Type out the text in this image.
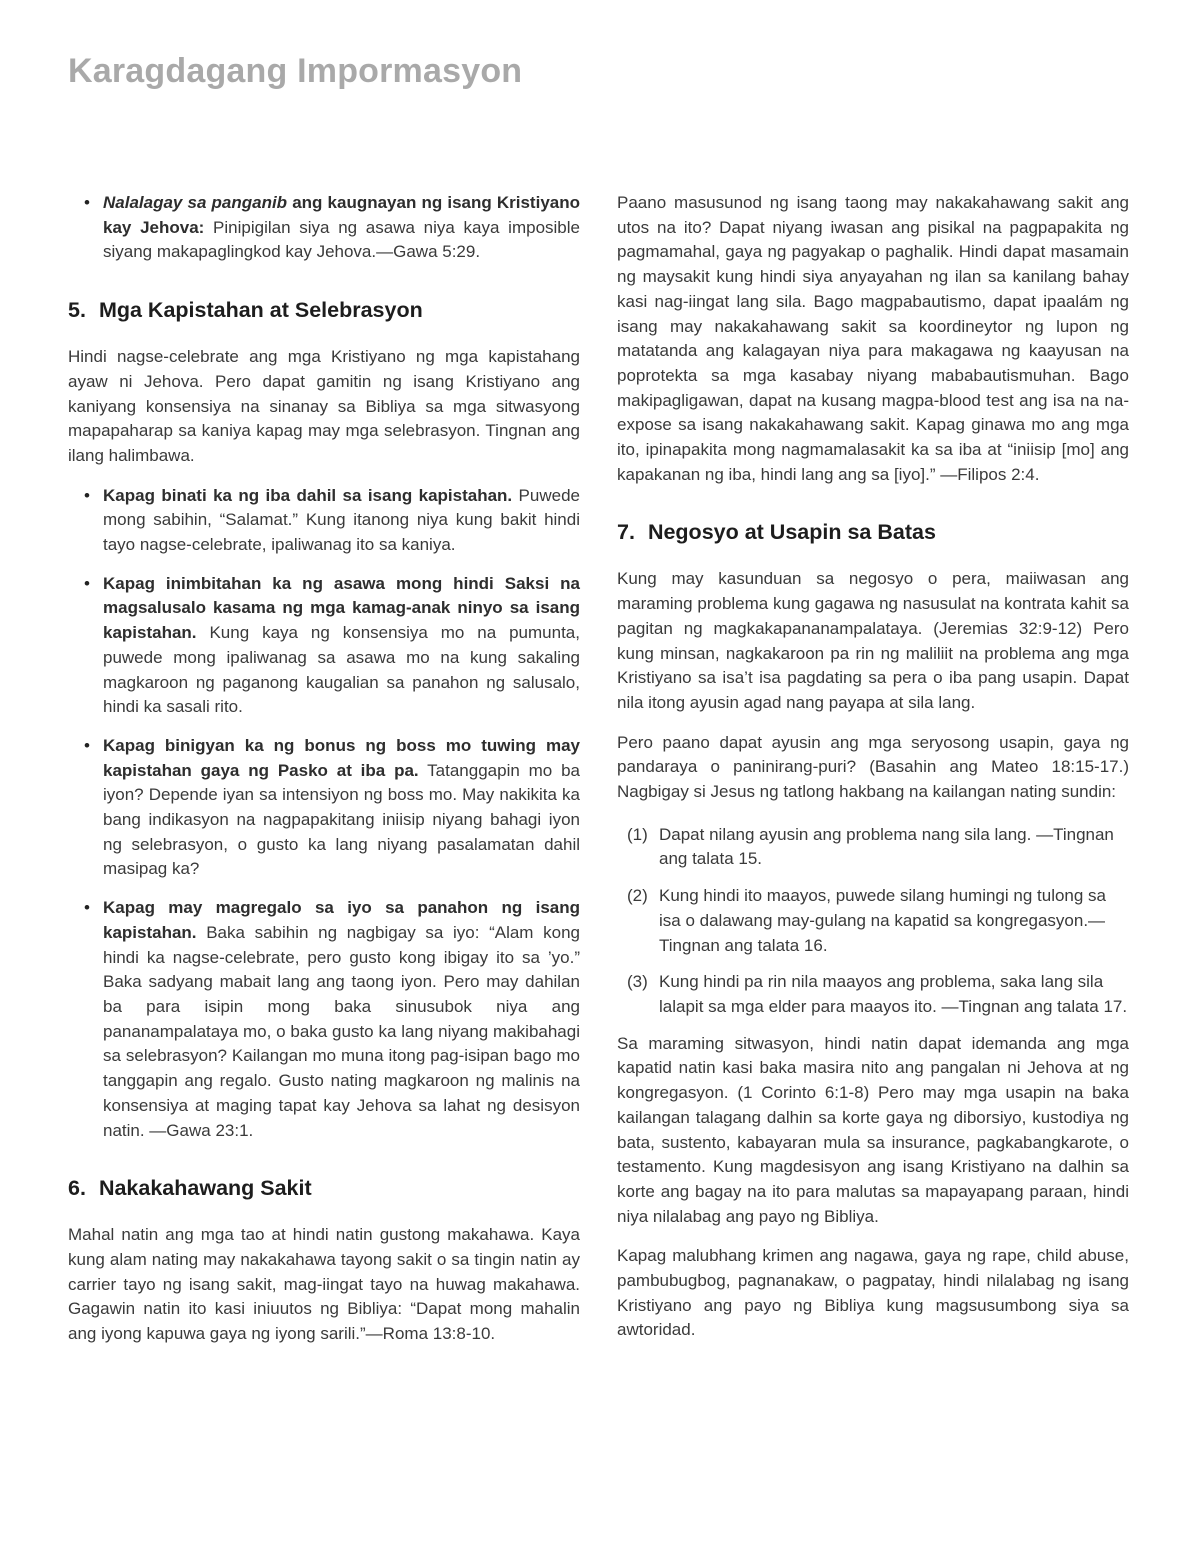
Karagdagang Impormasyon
• Nalalagay sa panganib ang kaugnayan ng isang Kristiyano kay Jehova: Pinipigilan siya ng asawa niya kaya imposible siyang makapaglingkod kay Jehova.—Gawa 5:29.
5. Mga Kapistahan at Selebrasyon

Hindi nagse-celebrate ang mga Kristiyano ng mga kapistahang ayaw ni Jehova. Pero dapat gamitin ng isang Kristiyano ang kaniyang konsensiya na sinanay sa Bibliya sa mga sitwasyong mapapaharap sa kaniya kapag may mga selebrasyon. Tingnan ang ilang halimbawa.

• Kapag binati ka ng iba dahil sa isang kapistahan. Puwede mong sabihin, “Salamat.” Kung itanong niya kung bakit hindi tayo nagse-celebrate, ipaliwanag ito sa kaniya.
• Kapag inimbitahan ka ng asawa mong hindi Saksi na magsalusalo kasama ng mga kamag-anak ninyo sa isang kapistahan. Kung kaya ng konsensiya mo na pumunta, puwede mong ipaliwanag sa asawa mo na kung sakaling magkaroon ng paganong kaugalian sa panahon ng salusalo, hindi ka sasali rito.
• Kapag binigyan ka ng bonus ng boss mo tuwing may kapistahan gaya ng Pasko at iba pa. Tatanggapin mo ba iyon? Depende iyan sa intensiyon ng boss mo. May nakikita ka bang indikasyon na nagpapakitang iniisip niyang bahagi iyon ng selebrasyon, o gusto ka lang niyang pasalamatan dahil masipag ka?
• Kapag may magregalo sa iyo sa panahon ng isang kapistahan. Baka sabihin ng nagbigay sa iyo: “Alam kong hindi ka nagse-celebrate, pero gusto kong ibigay ito sa ’yo.” Baka sadyang mabait lang ang taong iyon. Pero may dahilan ba para isipin mong baka sinusubok niya ang pananampalataya mo, o baka gusto ka lang niyang makibahagi sa selebrasyon? Kailangan mo muna itong pag-isipan bago mo tanggapin ang regalo. Gusto nating magkaroon ng malinis na konsensiya at maging tapat kay Jehova sa lahat ng desisyon natin. —Gawa 23:1.
6. Nakakahawang Sakit

Mahal natin ang mga tao at hindi natin gustong makahawa. Kaya kung alam nating may nakakahawa tayong sakit o sa tingin natin ay carrier tayo ng isang sakit, mag-iingat tayo na huwag makahawa. Gagawin natin ito kasi iniuutos ng Bibliya: “Dapat mong mahalin ang iyong kapuwa gaya ng iyong sarili.”—Roma 13:8-10.

Paano masusunod ng isang taong may nakakahawang sakit ang utos na ito? Dapat niyang iwasan ang pisikal na pagpapakita ng pagmamahal, gaya ng pagyakap o paghalik. Hindi dapat masamain ng maysakit kung hindi siya anyayahan ng ilan sa kanilang bahay kasi nag-iingat lang sila. Bago magpabautismo, dapat ipaalám ng isang may nakakahawang sakit sa koordineytor ng lupon ng matatanda ang kalagayan niya para makagawa ng kaayusan na poprotekta sa mga kasabay niyang mababautismuhan. Bago makipagligawan, dapat na kusang magpa-blood test ang isa na na-expose sa isang nakakahawang sakit. Kapag ginawa mo ang mga ito, ipinapakita mong nagmamalasakit ka sa iba at “iniisip [mo] ang kapakanan ng iba, hindi lang ang sa [iyo].” —Filipos 2:4.

7. Negosyo at Usapin sa Batas

Kung may kasunduan sa negosyo o pera, maiiwasan ang maraming problema kung gagawa ng nasusulat na kontrata kahit sa pagitan ng magkakapananampalataya. (Jeremias 32:9-12) Pero kung minsan, nagkakaroon pa rin ng maliliit na problema ang mga Kristiyano sa isa’t isa pagdating sa pera o iba pang usapin. Dapat nila itong ayusin agad nang payapa at sila lang.

Pero paano dapat ayusin ang mga seryosong usapin, gaya ng pandaraya o paninirang-puri? (Basahin ang Mateo 18:15-17.) Nagbigay si Jesus ng tatlong hakbang na kailangan nating sundin:

(1) Dapat nilang ayusin ang problema nang sila lang. —Tingnan ang talata 15.
(2) Kung hindi ito maayos, puwede silang humingi ng tulong sa isa o dalawang may-gulang na kapatid sa kongregasyon.—Tingnan ang talata 16.
(3) Kung hindi pa rin nila maayos ang problema, saka lang sila lalapit sa mga elder para maayos ito. —Tingnan ang talata 17.

Sa maraming sitwasyon, hindi natin dapat idemanda ang mga kapatid natin kasi baka masira nito ang pangalan ni Jehova at ng kongregasyon. (1 Corinto 6:1-8) Pero may mga usapin na baka kailangan talagang dalhin sa korte gaya ng diborsiyo, kustodiya ng bata, sustento, kabayaran mula sa insurance, pagkabangkarote, o testamento. Kung magdesisyon ang isang Kristiyano na dalhin sa korte ang bagay na ito para malutas sa mapayapang paraan, hindi niya nilalabag ang payo ng Bibliya.

Kapag malubhang krimen ang nagawa, gaya ng rape, child abuse, pambubugbog, pagnanakaw, o pagpatay, hindi nilalabag ng isang Kristiyano ang payo ng Bibliya kung magsusumbong siya sa awtoridad.
